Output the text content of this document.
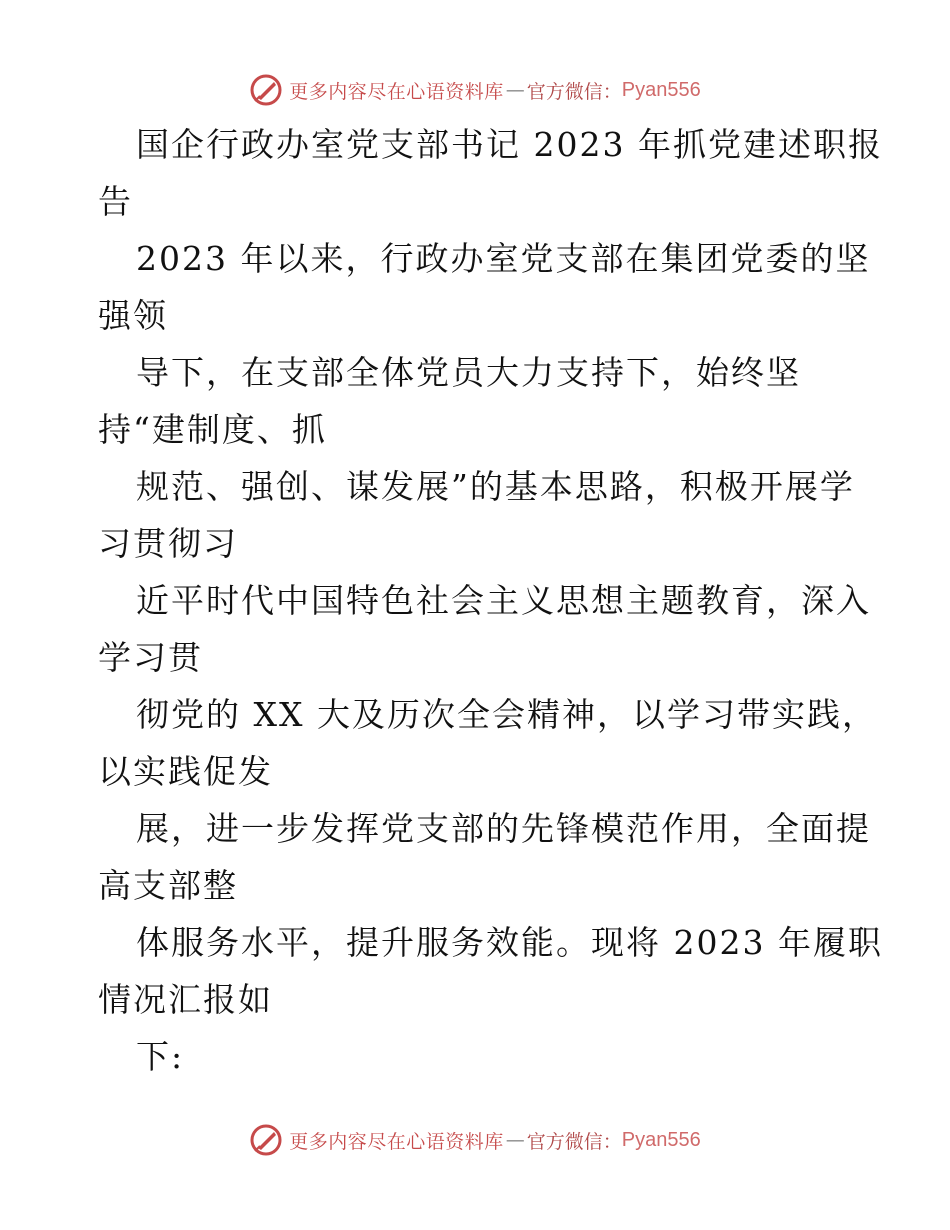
更多内容尽在心语资料库 — 官方微信： Pyan556
国企行政办室党支部书记 2023 年抓党建述职报
告
2023 年以来，行政办室党支部在集团党委的坚
强领
导下，在支部全体党员大力支持下，始终坚
持“建制度、抓
规范、强创、谋发展”的基本思路，积极开展学
习贯彻习
近平时代中国特色社会主义思想主题教育，深入
学习贯
彻党的 XX 大及历次全会精神，以学习带实践，
以实践促发
展，进一步发挥党支部的先锋模范作用，全面提
高支部整
体服务水平，提升服务效能。现将 2023 年履职
情况汇报如
下:
更多内容尽在心语资料库 — 官方微信： Pyan556
